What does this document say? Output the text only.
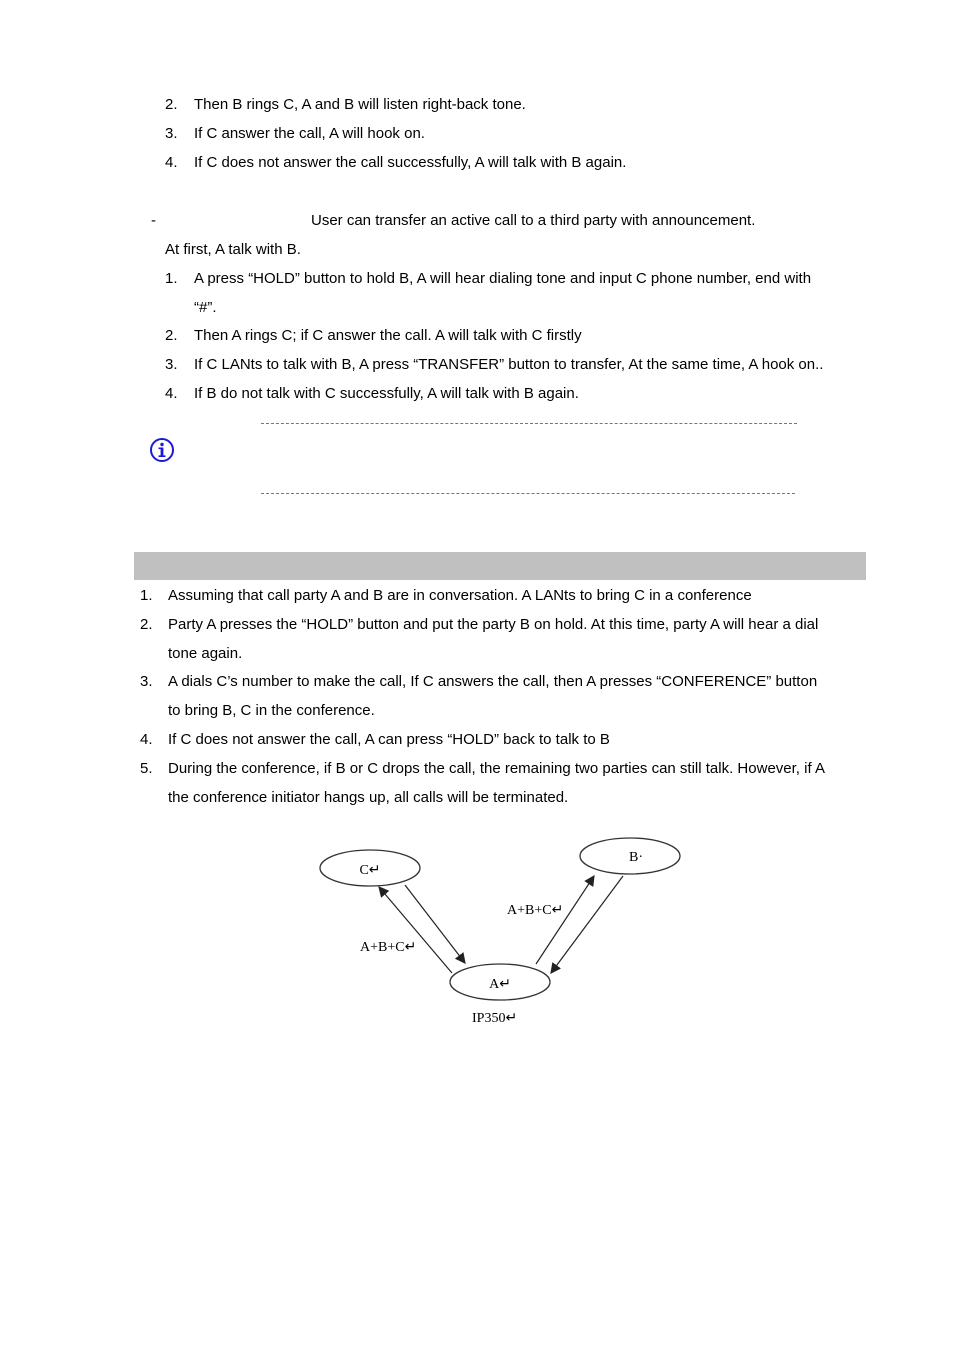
2. Then B rings C, A and B will listen right-back tone.
3. If C answer the call, A will hook on.
4. If C does not answer the call successfully, A will talk with B again.
-	User can transfer an active call to a third party with announcement.
At first, A talk with B.
1. A press “HOLD” button to hold B, A will hear dialing tone and input C phone number, end with
“#”.
2. Then A rings C; if C answer the call. A will talk with C firstly
3. If C LANts to talk with B, A press “TRANSFER” button to transfer, At the same time, A hook on..
4. If B do not talk with C successfully, A will talk with B again.
1. Assuming that call party A and B are in conversation. A LANts to bring C in a conference
2. Party A presses the “HOLD” button and put the party B on hold. At this time, party A will hear a dial
tone again.
3. A dials C’s number to make the call, If C answers the call, then A presses “CONFERENCE” button
to bring B, C in the conference.
4. If C does not answer the call, A can press “HOLD” back to talk to B
5. During the conference, if B or C drops the call, the remaining two parties can still talk. However, if A
the conference initiator hangs up, all calls will be terminated.
C↵
B·
A↵
A+B+C↵
A+B+C↵
IP350↵
